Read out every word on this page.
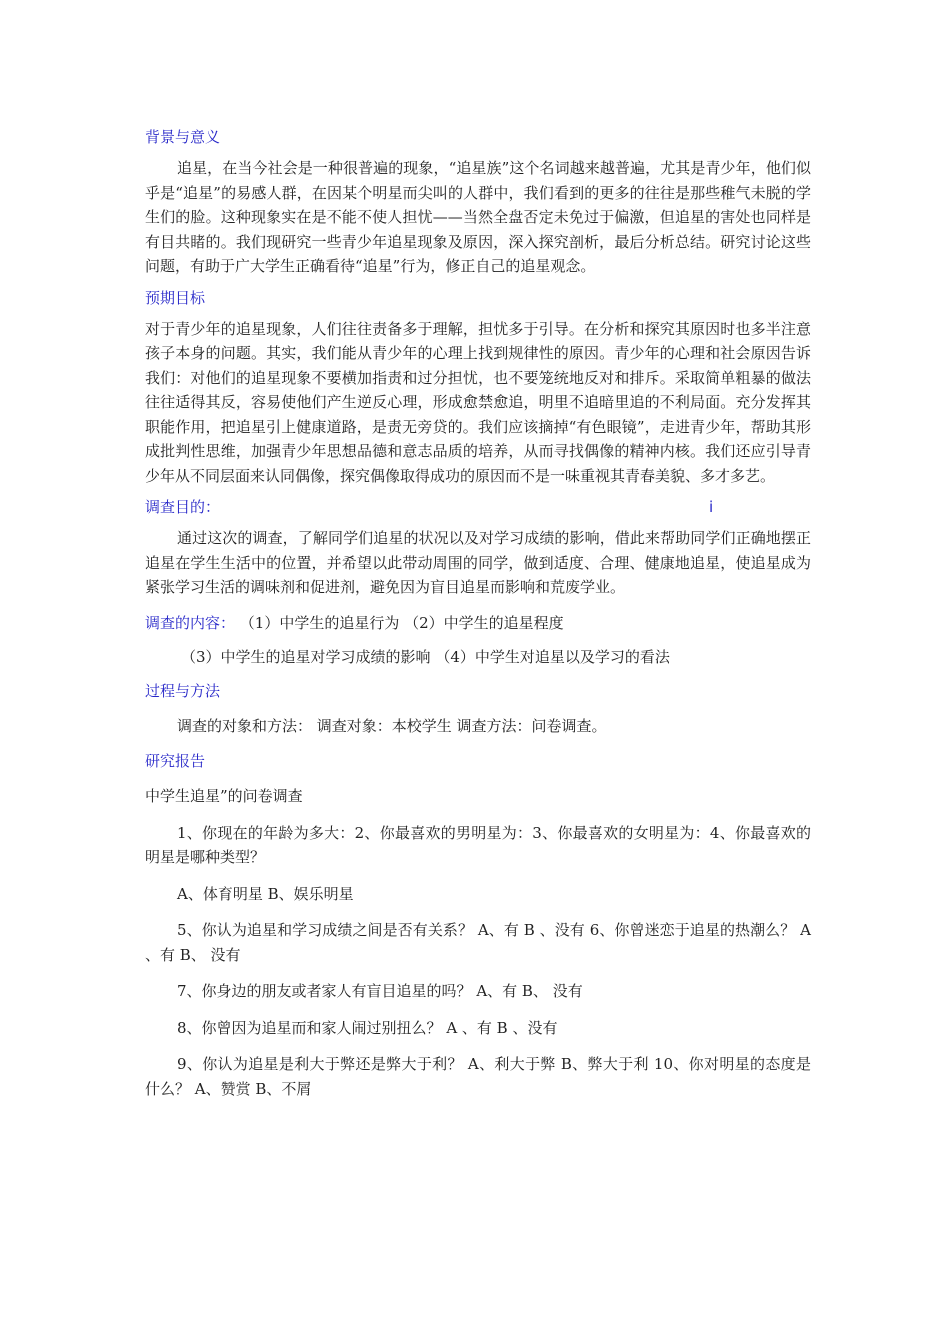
背景与意义

追星，在当今社会是一种很普遍的现象，“追星族”这个名词越来越普遍，尤其是青少年，他们似乎是“追星”的易感人群，在因某个明星而尖叫的人群中，我们看到的更多的往往是那些稚气未脱的学生们的脸。这种现象实在是不能不使人担忧——当然全盘否定未免过于偏激，但追星的害处也同样是有目共睹的。我们现研究一些青少年追星现象及原因，深入探究剖析，最后分析总结。研究讨论这些问题，有助于广大学生正确看待“追星”行为，修正自己的追星观念。

预期目标

对于青少年的追星现象，人们往往责备多于理解，担忧多于引导。在分析和探究其原因时也多半注意孩子本身的问题。其实，我们能从青少年的心理上找到规律性的原因。青少年的心理和社会原因告诉我们：对他们的追星现象不要横加指责和过分担忧，也不要笼统地反对和排斥。采取简单粗暴的做法往往适得其反，容易使他们产生逆反心理，形成愈禁愈追，明里不追暗里追的不利局面。充分发挥其职能作用，把追星引上健康道路，是责无旁贷的。我们应该摘掉“有色眼镜”，走进青少年，帮助其形成批判性思维，加强青少年思想品德和意志品质的培养，从而寻找偶像的精神内核。我们还应引导青少年从不同层面来认同偶像，探究偶像取得成功的原因而不是一味重视其青春美貌、多才多艺。

调查目的：	i

通过这次的调查，了解同学们追星的状况以及对学习成绩的影响，借此来帮助同学们正确地摆正追星在学生生活中的位置，并希望以此带动周围的同学，做到适度、合理、健康地追星，使追星成为紧张学习生活的调味剂和促进剂，避免因为盲目追星而影响和荒废学业。

调查的内容： （1）中学生的追星行为 （2）中学生的追星程度
（3）中学生的追星对学习成绩的影响 （4）中学生对追星以及学习的看法
过程与方法

调查的对象和方法： 调查对象：本校学生 调查方法：问卷调查。

研究报告

中学生追星”的问卷调查

1、你现在的年龄为多大：2、你最喜欢的男明星为：3、你最喜欢的女明星为：4、你最喜欢的明星是哪种类型？

A、体育明星 B、娱乐明星

5、你认为追星和学习成绩之间是否有关系？ A、有 B 、没有 6、你曾迷恋于追星的热潮么？ A 、有 B、 没有

7、你身边的朋友或者家人有盲目追星的吗？ A、有 B、 没有

8、你曾因为追星而和家人闹过别扭么？ A 、有 B 、没有

9、你认为追星是利大于弊还是弊大于利？ A、利大于弊 B、弊大于利 10、你对明星的态度是什么？ A、赞赏 B、不屑
